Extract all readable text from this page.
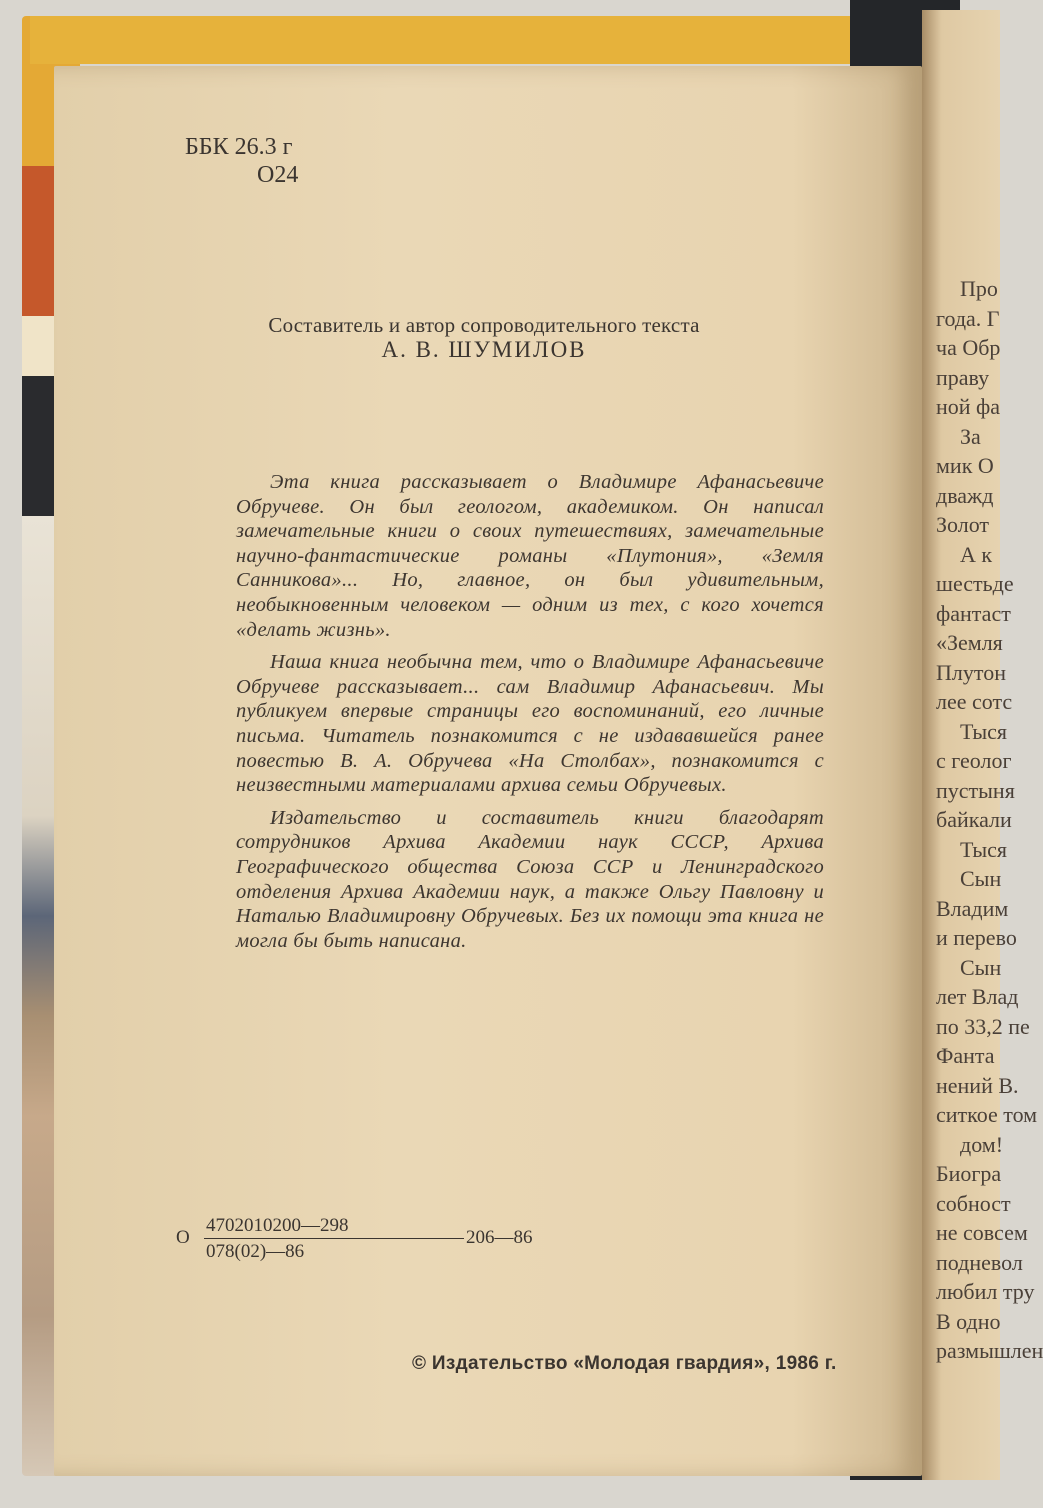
Про
года. Г
ча Обр
праву
ной фа
За
мик О
дважд
Золот
А к
шестьде
фантаст
«Земля
Плутон
лее сотс
Тыся
с геолог
пустыня
байкали
Тыся
Сын
Владим
и перево
Сын
лет Влад
по 33,2 пе
Фанта
нений В.
ситкое том
дом!
Биогра
собност
не совсем
подневол
любил тру
В одно
размышлен
ББК 26.3 г
О24
Составитель и автор сопроводительного текста
А. В. ШУМИЛОВ

Эта книга рассказывает о Владимире Афанасьевиче Обручеве. Он был геологом, академиком. Он написал замечательные книги о своих путешествиях, замечательные научно-фантастические романы «Плутония», «Земля Санникова»... Но, главное, он был удивительным, необыкновенным человеком — одним из тех, с кого хочется «делать жизнь».

Наша книга необычна тем, что о Владимире Афанасьевиче Обручеве рассказывает... сам Владимир Афанасьевич. Мы публикуем впервые страницы его воспоминаний, его личные письма. Читатель познакомится с не издававшейся ранее повестью В. А. Обручева «На Столбах», познакомится с неизвестными материалами архива семьи Обручевых.

Издательство и составитель книги благодарят сотрудников Архива Академии наук СССР, Архива Географического общества Союза ССР и Ленинградского отделения Архива Академии наук, а также Ольгу Павловну и Наталью Владимировну Обручевых. Без их помощи эта книга не могла бы быть написана.

О
4702010200—298
078(02)—86
206—86
© Издательство «Молодая гвардия», 1986 г.
